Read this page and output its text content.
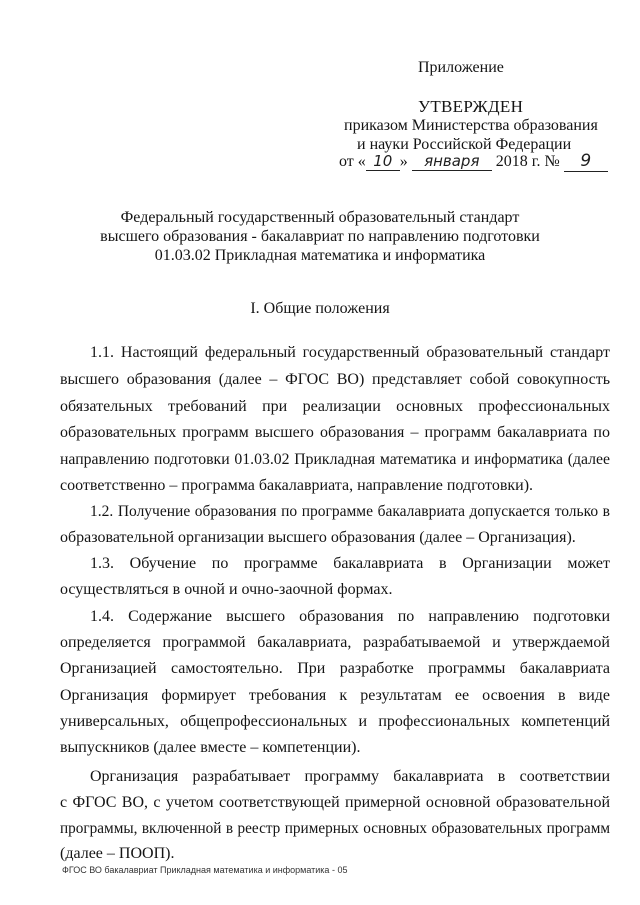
Приложение
УТВЕРЖДЕН
приказом Министерства образования
и науки Российской Федерации
от « 10 » января 2018 г. № 9
Федеральный государственный образовательный стандарт
высшего образования - бакалавриат по направлению подготовки
01.03.02 Прикладная математика и информатика
I. Общие положения
1.1. Настоящий федеральный государственный образовательный стандарт
высшего образования (далее – ФГОС ВО) представляет собой совокупность
обязательных требований при реализации основных профессиональных
образовательных программ высшего образования – программ бакалавриата по
направлению подготовки 01.03.02 Прикладная математика и информатика (далее
соответственно – программа бакалавриата, направление подготовки).
1.2. Получение образования по программе бакалавриата допускается только в
образовательной организации высшего образования (далее – Организация).
1.3. Обучение по программе бакалавриата в Организации может
осуществляться в очной и очно-заочной формах.
1.4. Содержание высшего образования по направлению подготовки
определяется программой бакалавриата, разрабатываемой и утверждаемой
Организацией самостоятельно. При разработке программы бакалавриата
Организация формирует требования к результатам ее освоения в виде
универсальных, общепрофессиональных и профессиональных компетенций
выпускников (далее вместе – компетенции).
Организация разрабатывает программу бакалавриата в соответствии
с ФГОС ВО, с учетом соответствующей примерной основной образовательной
программы, включенной в реестр примерных основных образовательных программ
(далее – ПООП).
ФГОС ВО бакалавриат Прикладная математика и информатика - 05
